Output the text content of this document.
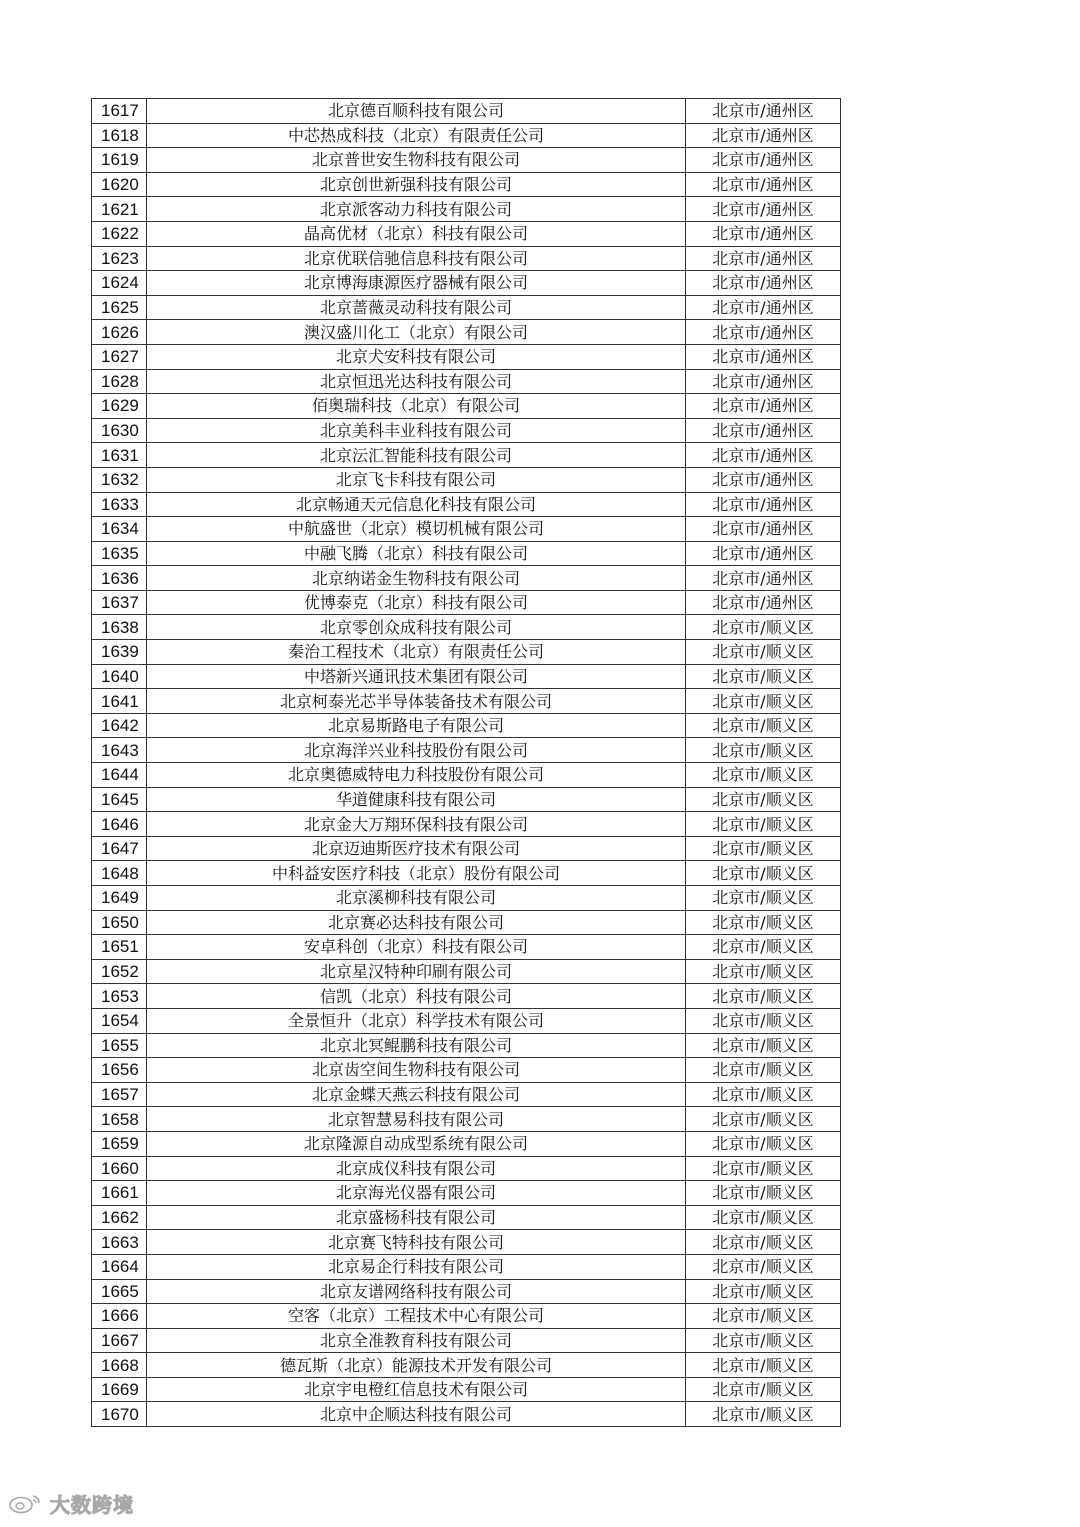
1617	北京德百顺科技有限公司	北京市/通州区
1618	中芯热成科技（北京）有限责任公司	北京市/通州区
1619	北京普世安生物科技有限公司	北京市/通州区
1620	北京创世新强科技有限公司	北京市/通州区
1621	北京派客动力科技有限公司	北京市/通州区
1622	晶高优材（北京）科技有限公司	北京市/通州区
1623	北京优联信驰信息科技有限公司	北京市/通州区
1624	北京博海康源医疗器械有限公司	北京市/通州区
1625	北京蔷薇灵动科技有限公司	北京市/通州区
1626	澳汉盛川化工（北京）有限公司	北京市/通州区
1627	北京犬安科技有限公司	北京市/通州区
1628	北京恒迅光达科技有限公司	北京市/通州区
1629	佰奥瑞科技（北京）有限公司	北京市/通州区
1630	北京美科丰业科技有限公司	北京市/通州区
1631	北京沄汇智能科技有限公司	北京市/通州区
1632	北京飞卡科技有限公司	北京市/通州区
1633	北京畅通天元信息化科技有限公司	北京市/通州区
1634	中航盛世（北京）模切机械有限公司	北京市/通州区
1635	中融飞腾（北京）科技有限公司	北京市/通州区
1636	北京纳诺金生物科技有限公司	北京市/通州区
1637	优博泰克（北京）科技有限公司	北京市/通州区
1638	北京零创众成科技有限公司	北京市/顺义区
1639	秦治工程技术（北京）有限责任公司	北京市/顺义区
1640	中塔新兴通讯技术集团有限公司	北京市/顺义区
1641	北京柯泰光芯半导体装备技术有限公司	北京市/顺义区
1642	北京易斯路电子有限公司	北京市/顺义区
1643	北京海洋兴业科技股份有限公司	北京市/顺义区
1644	北京奥德威特电力科技股份有限公司	北京市/顺义区
1645	华道健康科技有限公司	北京市/顺义区
1646	北京金大万翔环保科技有限公司	北京市/顺义区
1647	北京迈迪斯医疗技术有限公司	北京市/顺义区
1648	中科益安医疗科技（北京）股份有限公司	北京市/顺义区
1649	北京溪柳科技有限公司	北京市/顺义区
1650	北京赛必达科技有限公司	北京市/顺义区
1651	安卓科创（北京）科技有限公司	北京市/顺义区
1652	北京星汉特种印刷有限公司	北京市/顺义区
1653	信凯（北京）科技有限公司	北京市/顺义区
1654	全景恒升（北京）科学技术有限公司	北京市/顺义区
1655	北京北冥鲲鹏科技有限公司	北京市/顺义区
1656	北京齿空间生物科技有限公司	北京市/顺义区
1657	北京金蝶天燕云科技有限公司	北京市/顺义区
1658	北京智慧易科技有限公司	北京市/顺义区
1659	北京隆源自动成型系统有限公司	北京市/顺义区
1660	北京成仪科技有限公司	北京市/顺义区
1661	北京海光仪器有限公司	北京市/顺义区
1662	北京盛杨科技有限公司	北京市/顺义区
1663	北京赛飞特科技有限公司	北京市/顺义区
1664	北京易企行科技有限公司	北京市/顺义区
1665	北京友谱网络科技有限公司	北京市/顺义区
1666	空客（北京）工程技术中心有限公司	北京市/顺义区
1667	北京全准教育科技有限公司	北京市/顺义区
1668	德瓦斯（北京）能源技术开发有限公司	北京市/顺义区
1669	北京宇电橙红信息技术有限公司	北京市/顺义区
1670	北京中企顺达科技有限公司	北京市/顺义区
大数跨境
